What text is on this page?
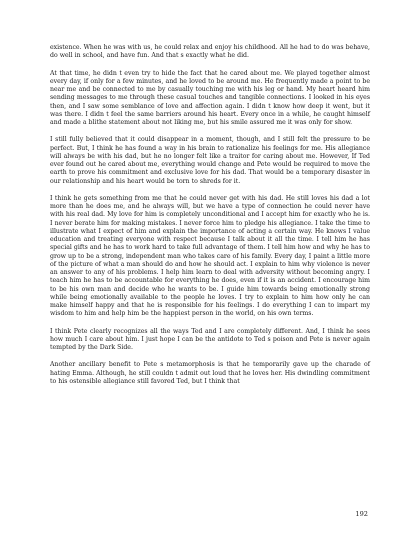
existence. When he was with us, he could relax and enjoy his childhood. All he had to do was behave, do well in school, and have fun. And that s exactly what he did.

At that time, he didn t even try to hide the fact that he cared about me. We played together almost every day, if only for a few minutes, and he loved to be around me. He frequently made a point to be near me and be connected to me by casually touching me with his leg or hand. My heart heard him sending messages to me through these casual touches and tangible connections. I looked in his eyes then, and I saw some semblance of love and affection again. I didn t know how deep it went, but it was there. I didn t feel the same barriers around his heart. Every once in a while, he caught himself and made a blithe statement about not liking me, but his smile assured me it was only for show.

I still fully believed that it could disappear in a moment, though, and I still felt the pressure to be perfect. But, I think he has found a way in his brain to rationalize his feelings for me. His allegiance will always be with his dad, but he no longer felt like a traitor for caring about me. However, If Ted ever found out he cared about me, everything would change and Pete would be required to move the earth to prove his commitment and exclusive love for his dad. That would be a temporary disaster in our relationship and his heart would be torn to shreds for it.

I think he gets something from me that he could never get with his dad. He still loves his dad a lot more than he does me, and he always will, but we have a type of connection he could never have with his real dad. My love for him is completely unconditional and I accept him for exactly who he is. I never berate him for making mistakes. I never force him to pledge his allegiance. I take the time to illustrate what I expect of him and explain the importance of acting a certain way. He knows I value education and treating everyone with respect because I talk about it all the time. I tell him he has special gifts and he has to work hard to take full advantage of them. I tell him how and why he has to grow up to be a strong, independent man who takes care of his family. Every day, I paint a little more of the picture of what a man should do and how he should act. I explain to him why violence is never an answer to any of his problems. I help him learn to deal with adversity without becoming angry. I teach him he has to be accountable for everything he does, even if it is an accident. I encourage him to be his own man and decide who he wants to be. I guide him towards being emotionally strong while being emotionally available to the people he loves. I try to explain to him how only he can make himself happy and that he is responsible for his feelings. I do everything I can to impart my wisdom to him and help him be the happiest person in the world, on his own terms.

I think Pete clearly recognizes all the ways Ted and I are completely different. And, I think he sees how much I care about him. I just hope I can be the antidote to Ted s poison and Pete is never again tempted by the Dark Side.

Another ancillary benefit to Pete s metamorphosis is that he temporarily gave up the charade of hating Emma. Although, he still couldn t admit out loud that he loves her. His dwindling commitment to his ostensible allegiance still favored Ted, but I think that

192
